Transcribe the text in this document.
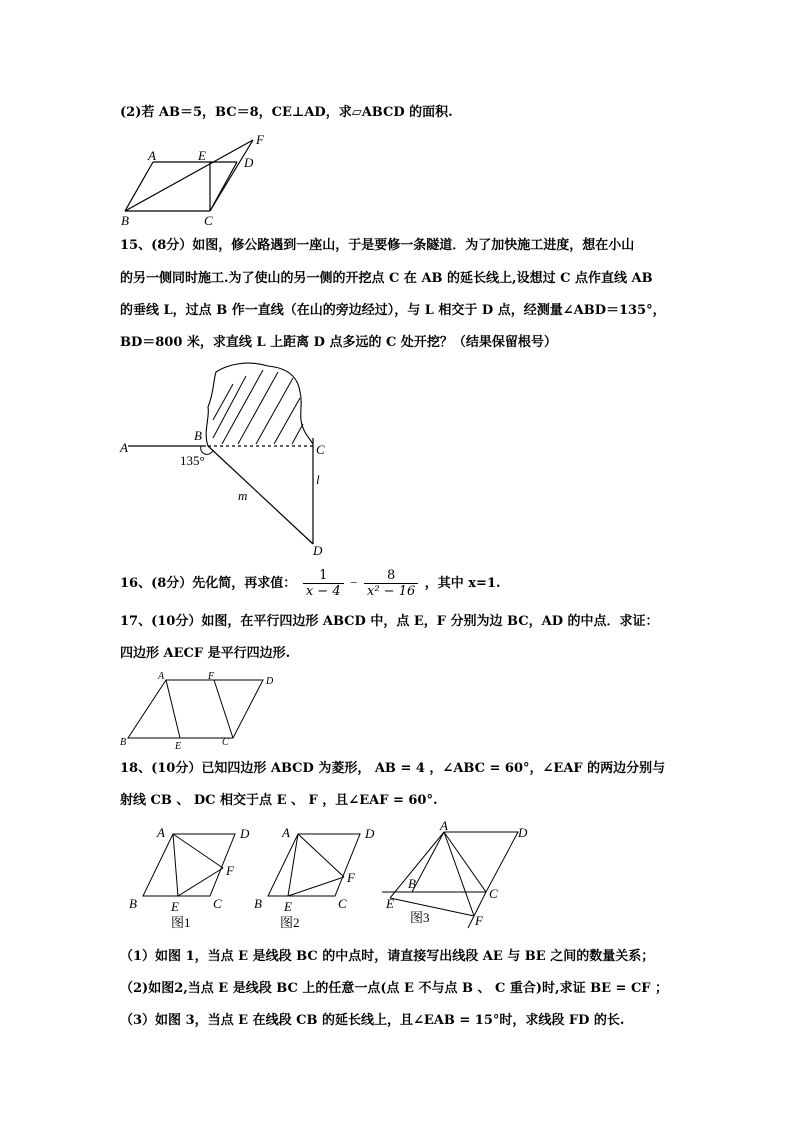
(2)若 AB＝5，BC＝8，CE⊥AD，求▱ABCD 的面积.
A	E
F
D
B	C
15、(8分）如图，修公路遇到一座山，于是要修一条隧道．为了加快施工进度，想在小山
的另一侧同时施工.为了使山的另一侧的开挖点 C 在 AB 的延长线上,设想过 C 点作直线 AB
的垂线 L，过点 B 作一直线（在山的旁边经过），与 L 相交于 D 点，经测量∠ABD＝135°，
BD＝800 米，求直线 L 上距离 D 点多远的 C 处开挖？（结果保留根号）
A
B
C
D
135°
m
l
16、(8分）先化简，再求值： $\frac{1}{x - 4} - \frac{8}{\text{x² − 16}}$ ，其中 x=1.
17、(10分）如图，在平行四边形 ABCD 中，点 E，F 分别为边 BC，AD 的中点．求证：
四边形 AECF 是平行四边形.
A	F	D
B	E	C
18、(10分）已知四边形 ABCD 为菱形， AB = 4 ，∠ABC = 60°，∠EAF 的两边分别与
射线 CB 、 DC 相交于点 E 、 F ，且∠EAF = 60°.
A	D
F
B	E	C
图1
A	D
F
B E	C
图2
A	D
B
C
E
F
图3
（1）如图 1，当点 E 是线段 BC 的中点时，请直接写出线段 AE 与 BE 之间的数量关系；
（2)如图2,当点 E 是线段 BC 上的任意一点(点 E 不与点 B 、 C 重合)时,求证 BE = CF ；
（3）如图 3，当点 E 在线段 CB 的延长线上，且∠EAB = 15°时，求线段 FD 的长.
